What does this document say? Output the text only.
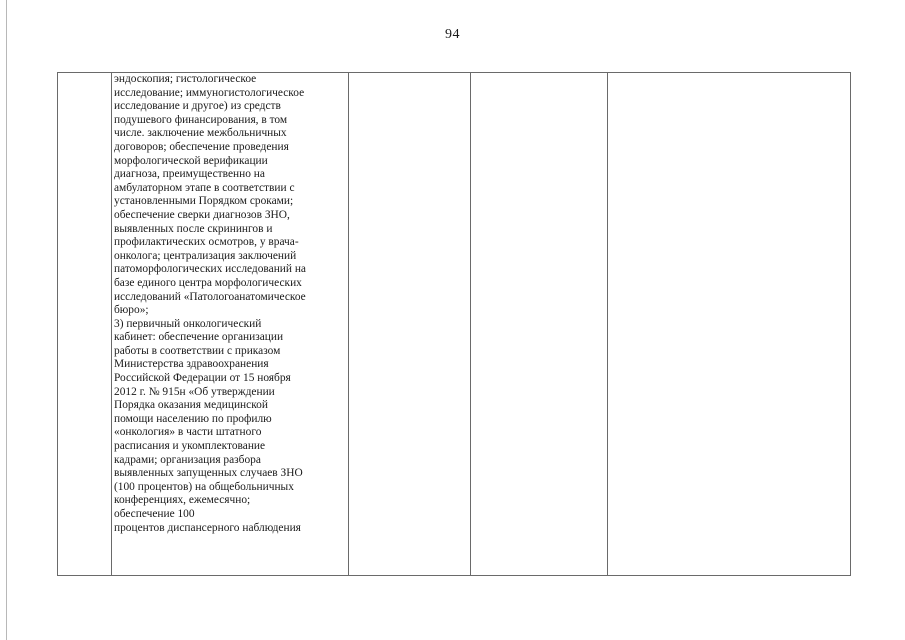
94
эндоскопия; гистологическое
исследование; иммуногистологическое
исследование и другое) из средств
подушевого финансирования, в том
числе. заключение межбольничных
договоров; обеспечение проведения
морфологической верификации
диагноза, преимущественно на
амбулаторном этапе в соответствии с
установленными Порядком сроками;
обеспечение сверки диагнозов ЗНО,
выявленных после скринингов и
профилактических осмотров, у врача-
онколога; централизация заключений
патоморфологических исследований на
базе единого центра морфологических
исследований «Патологоанатомическое
бюро»;
3) первичный онкологический
кабинет: обеспечение организации
работы в соответствии с приказом
Министерства здравоохранения
Российской Федерации от 15 ноября
2012 г. № 915н «Об утверждении
Порядка оказания медицинской
помощи населению по профилю
«онкология» в части штатного
расписания и укомплектование
кадрами; организация разбора
выявленных запущенных случаев ЗНО
(100 процентов) на общебольничных
конференциях, ежемесячно;
обеспечение 100
процентов диспансерного наблюдения
